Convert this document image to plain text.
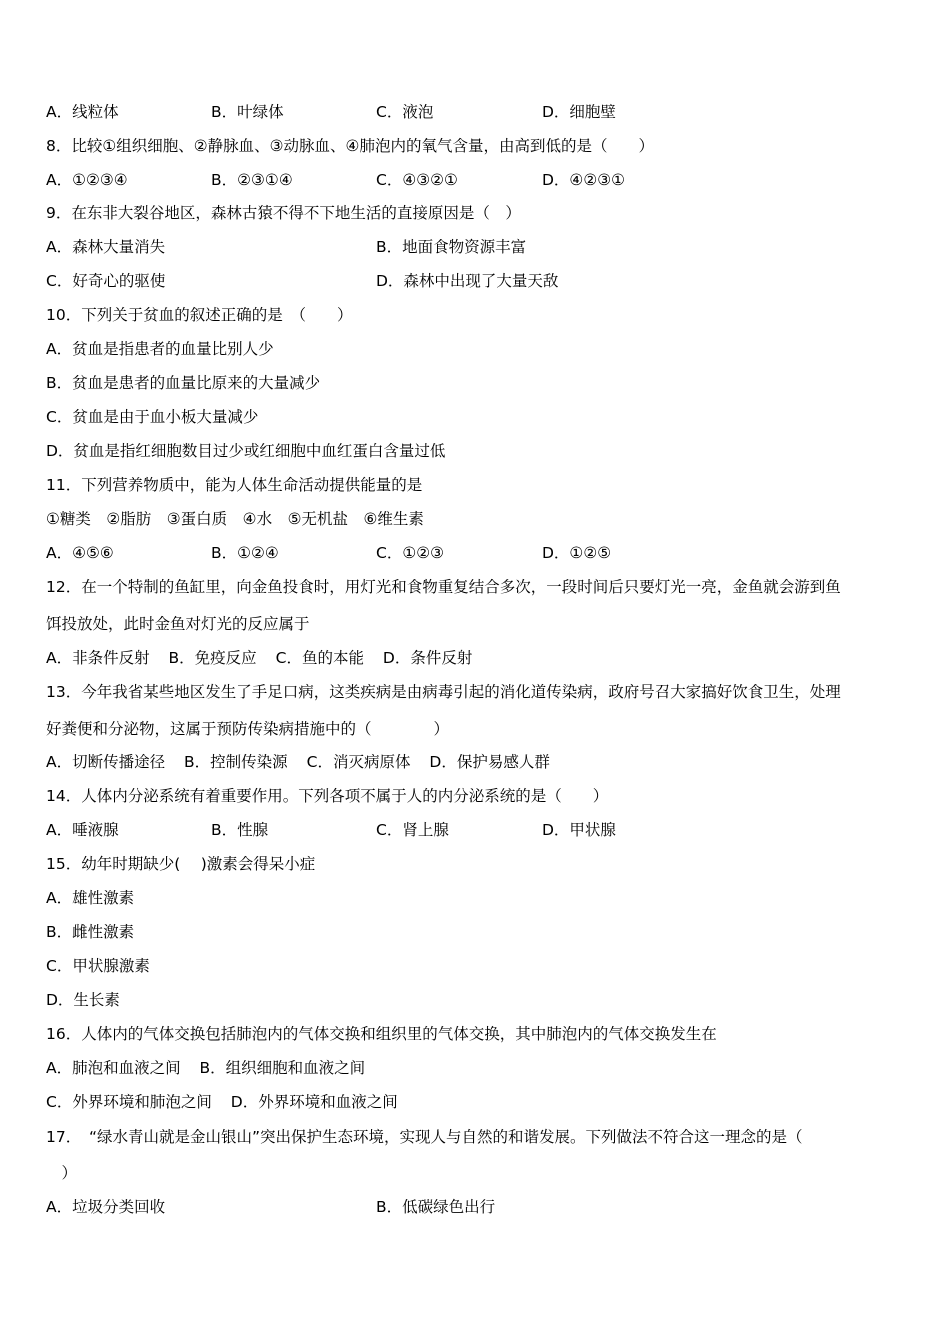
A．线粒体	B．叶绿体	C．液泡	D．细胞壁
8．比较①组织细胞、②静脉血、③动脉血、④肺泡内的氧气含量，由高到低的是（　　）
A．①②③④	B．②③①④	C．④③②①	D．④②③①
9．在东非大裂谷地区，森林古猿不得不下地生活的直接原因是（　）
A．森林大量消失	B．地面食物资源丰富
C．好奇心的驱使	D．森林中出现了大量天敌
10．下列关于贫血的叙述正确的是　（　　）
A．贫血是指患者的血量比别人少
B．贫血是患者的血量比原来的大量减少
C．贫血是由于血小板大量减少
D．贫血是指红细胞数目过少或红细胞中血红蛋白含量过低
11．下列营养物质中，能为人体生命活动提供能量的是
①糖类　②脂肪　③蛋白质　④水　⑤无机盐　⑥维生素
A．④⑤⑥	B．①②④	C．①②③	D．①②⑤
12．在一个特制的鱼缸里，向金鱼投食时，用灯光和食物重复结合多次，一段时间后只要灯光一亮，金鱼就会游到鱼
饵投放处，此时金鱼对灯光的反应属于
A．非条件反射 B．免疫反应 C．鱼的本能 D．条件反射
13．今年我省某些地区发生了手足口病，这类疾病是由病毒引起的消化道传染病，政府号召大家搞好饮食卫生，处理
好粪便和分泌物，这属于预防传染病措施中的（　　　　）
A．切断传播途径 B．控制传染源 C．消灭病原体 D．保护易感人群
14．人体内分泌系统有着重要作用。下列各项不属于人的内分泌系统的是（　　）
A．唾液腺	B．性腺	C．肾上腺	D．甲状腺
15．幼年时期缺少(　 )激素会得呆小症
A．雄性激素
B．雌性激素
C．甲状腺激素
D．生长素
16．人体内的气体交换包括肺泡内的气体交换和组织里的气体交换，其中肺泡内的气体交换发生在
A．肺泡和血液之间 B．组织细胞和血液之间
C．外界环境和肺泡之间 D．外界环境和血液之间
17．　“绿水青山就是金山银山”突出保护生态环境，实现人与自然的和谐发展。下列做法不符合这一理念的是（
　）
A．垃圾分类回收	B．低碳绿色出行
